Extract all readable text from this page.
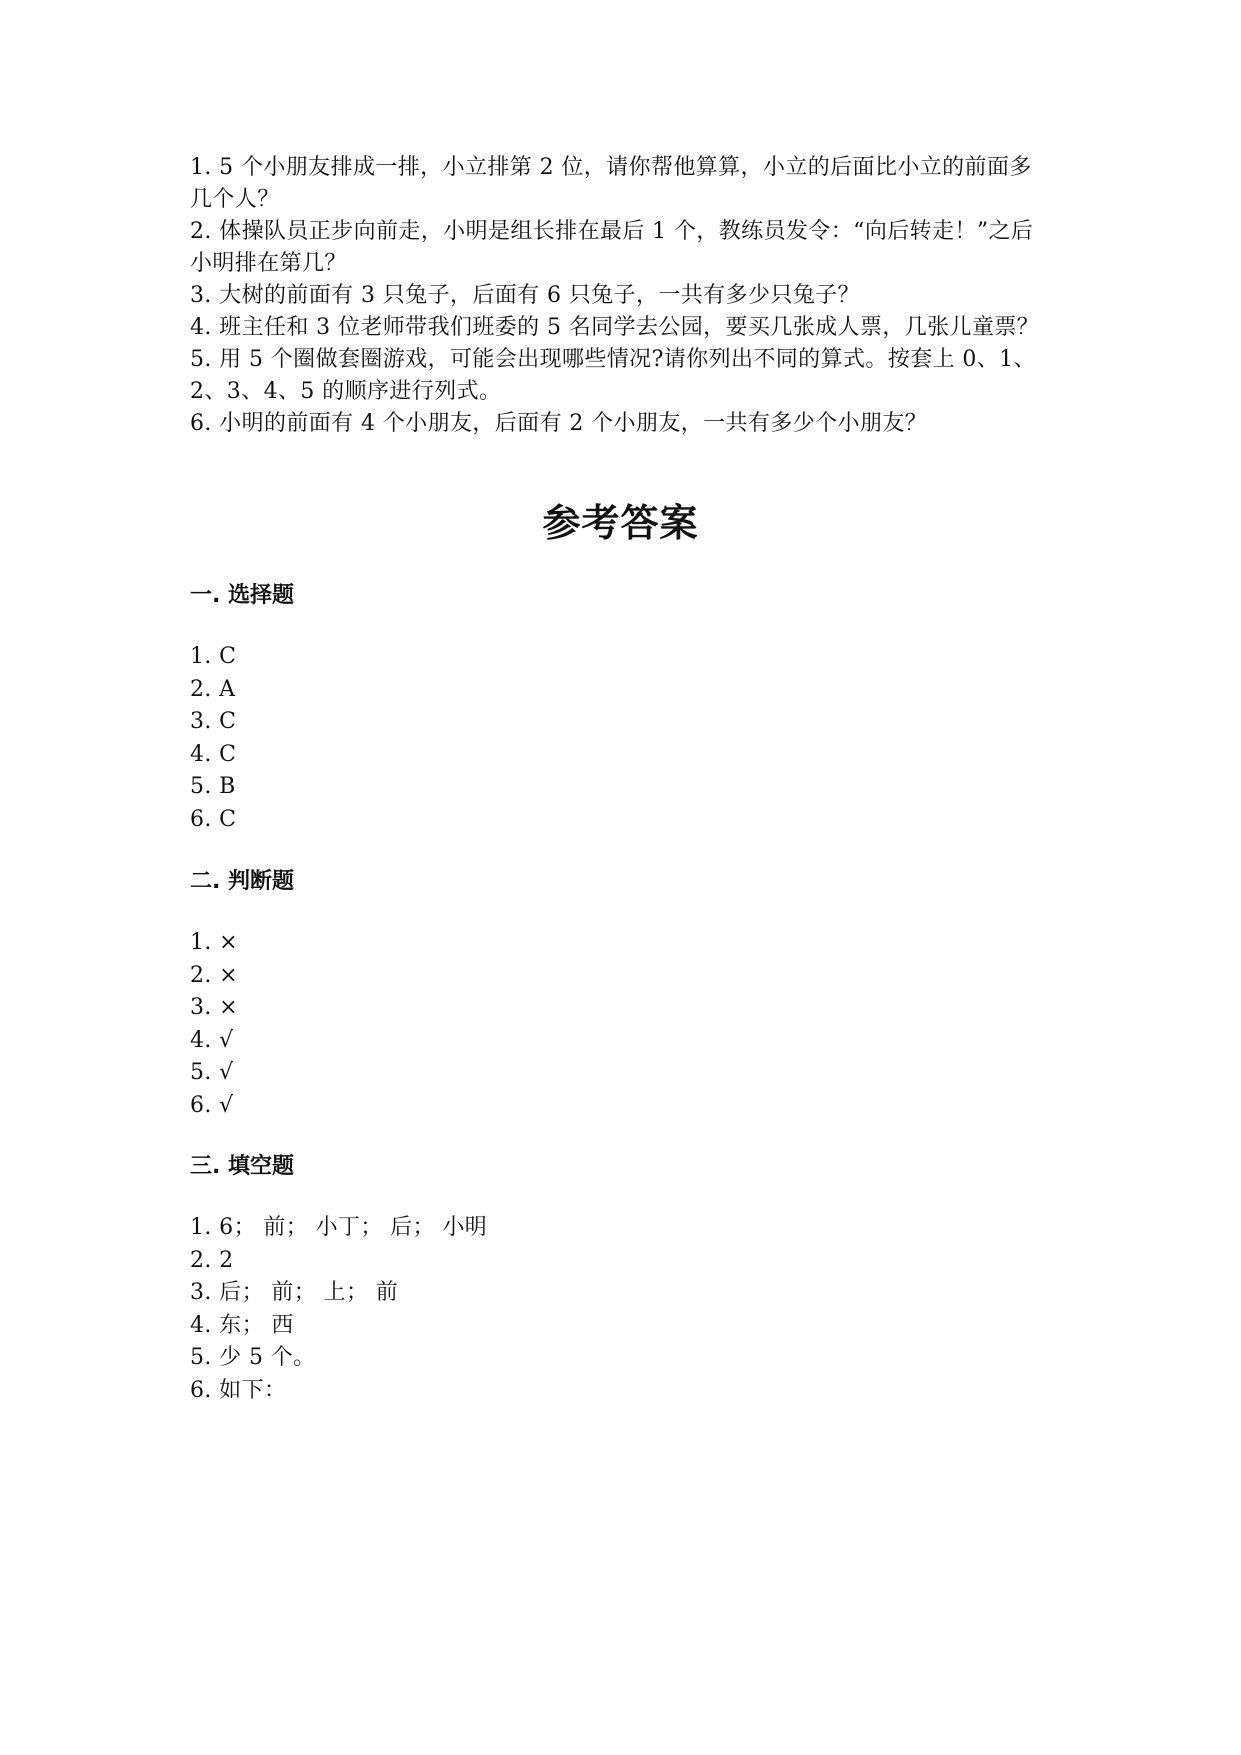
1. 5 个小朋友排成一排，小立排第 2 位，请你帮他算算，小立的后面比小立的前面多几个人？

2. 体操队员正步向前走，小明是组长排在最后 1 个，教练员发令：“向后转走！”之后小明排在第几？

3. 大树的前面有 3 只兔子，后面有 6 只兔子，一共有多少只兔子？

4. 班主任和 3 位老师带我们班委的 5 名同学去公园，要买几张成人票，几张儿童票？

5. 用 5 个圈做套圈游戏，可能会出现哪些情况?请你列出不同的算式。按套上 0、1、2、3、4、5 的顺序进行列式。

6. 小明的前面有 4 个小朋友，后面有 2 个小朋友，一共有多少个小朋友？

参考答案
一. 选择题

1. C

2. A

3. C

4. C

5. B

6. C

二. 判断题

1. ×

2. ×

3. ×

4. √

5. √

6. √

三. 填空题

1. 6； 前； 小丁； 后； 小明

2. 2

3. 后； 前； 上； 前

4. 东； 西

5. 少 5 个。

6. 如下：
